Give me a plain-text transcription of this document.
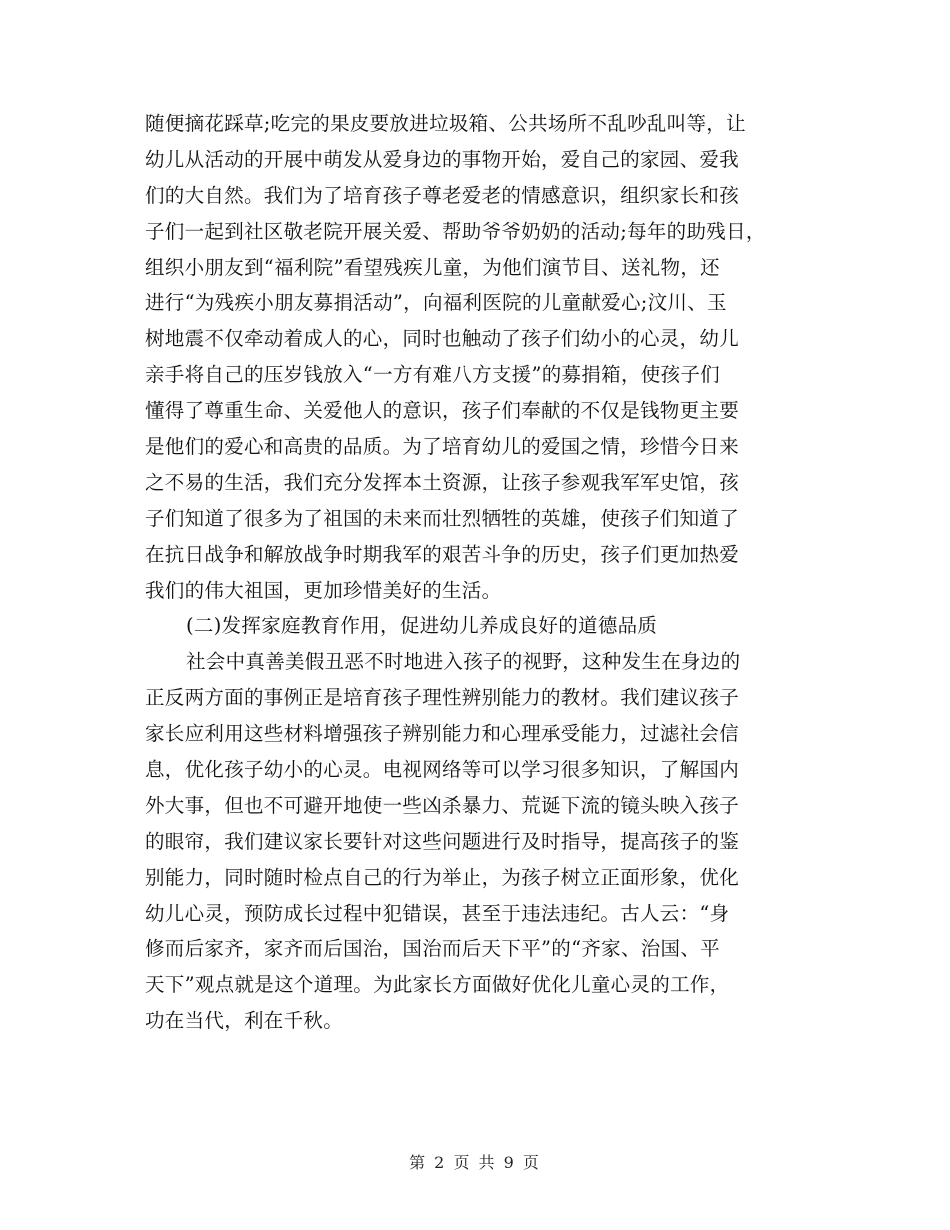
随便摘花踩草;吃完的果皮要放进垃圾箱、公共场所不乱吵乱叫等，让
幼儿从活动的开展中萌发从爱身边的事物开始，爱自己的家园、爱我
们的大自然。我们为了培育孩子尊老爱老的情感意识，组织家长和孩
子们一起到社区敬老院开展关爱、帮助爷爷奶奶的活动;每年的助残日，
组织小朋友到“福利院”看望残疾儿童，为他们演节目、送礼物，还
进行“为残疾小朋友募捐活动”，向福利医院的儿童献爱心;汶川、玉
树地震不仅牵动着成人的心，同时也触动了孩子们幼小的心灵，幼儿
亲手将自己的压岁钱放入“一方有难八方支援”的募捐箱，使孩子们
懂得了尊重生命、关爱他人的意识，孩子们奉献的不仅是钱物更主要
是他们的爱心和高贵的品质。为了培育幼儿的爱国之情，珍惜今日来
之不易的生活，我们充分发挥本土资源，让孩子参观我军军史馆，孩
子们知道了很多为了祖国的未来而壮烈牺牲的英雄，使孩子们知道了
在抗日战争和解放战争时期我军的艰苦斗争的历史，孩子们更加热爱
我们的伟大祖国，更加珍惜美好的生活。
(二)发挥家庭教育作用，促进幼儿养成良好的道德品质
社会中真善美假丑恶不时地进入孩子的视野，这种发生在身边的
正反两方面的事例正是培育孩子理性辨别能力的教材。我们建议孩子
家长应利用这些材料增强孩子辨别能力和心理承受能力，过滤社会信
息，优化孩子幼小的心灵。电视网络等可以学习很多知识，了解国内
外大事，但也不可避开地使一些凶杀暴力、荒诞下流的镜头映入孩子
的眼帘，我们建议家长要针对这些问题进行及时指导，提高孩子的鉴
别能力，同时随时检点自己的行为举止，为孩子树立正面形象，优化
幼儿心灵，预防成长过程中犯错误，甚至于违法违纪。古人云：“身
修而后家齐，家齐而后国治，国治而后天下平”的“齐家、治国、平
天下”观点就是这个道理。为此家长方面做好优化儿童心灵的工作，
功在当代，利在千秋。
第 2 页 共 9 页
